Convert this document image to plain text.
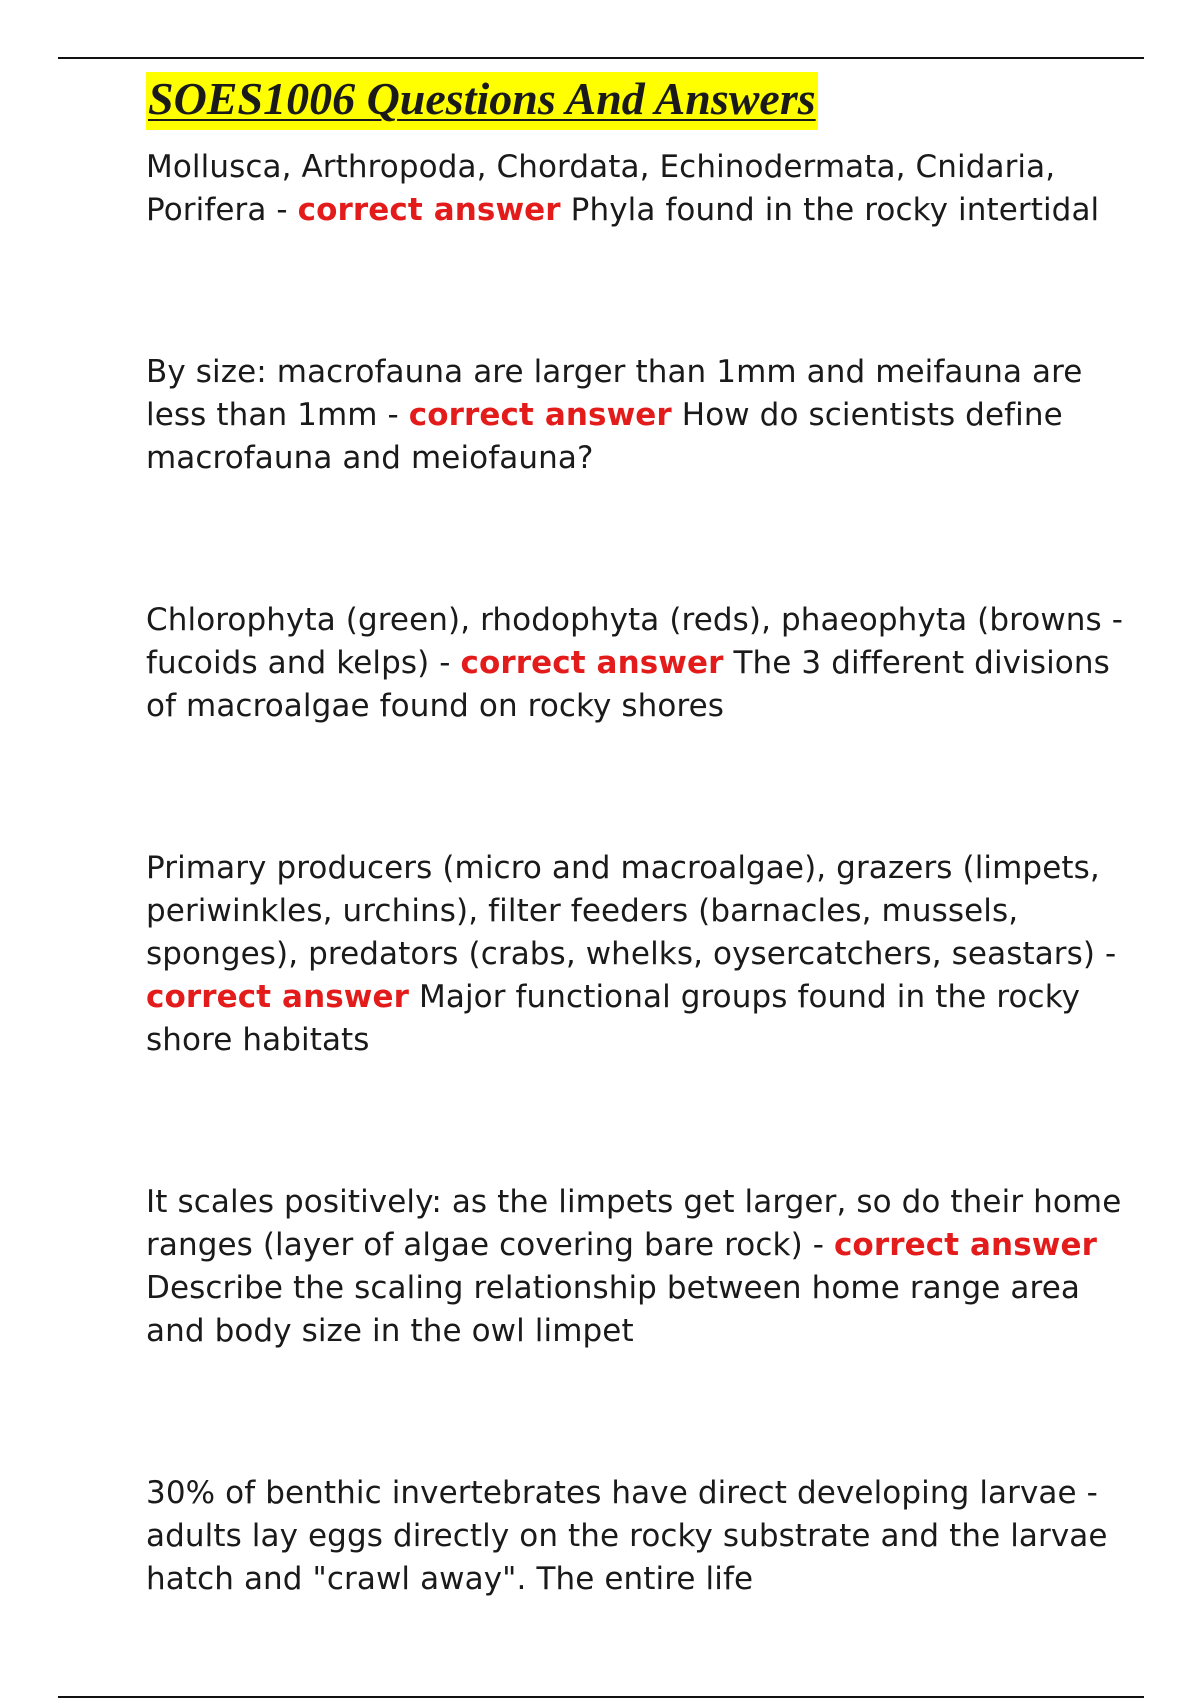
SOES1006 Questions And Answers

Mollusca, Arthropoda, Chordata, Echinodermata, Cnidaria, Porifera - correct answer Phyla found in the rocky intertidal

By size: macrofauna are larger than 1mm and meifauna are less than 1mm - correct answer How do scientists define macrofauna and meiofauna?

Chlorophyta (green), rhodophyta (reds), phaeophyta (browns - fucoids and kelps) - correct answer The 3 different divisions of macroalgae found on rocky shores

Primary producers (micro and macroalgae), grazers (limpets, periwinkles, urchins), filter feeders (barnacles, mussels, sponges), predators (crabs, whelks, oysercatchers, seastars) - correct answer Major functional groups found in the rocky shore habitats

It scales positively: as the limpets get larger, so do their home ranges (layer of algae covering bare rock) - correct answer Describe the scaling relationship between home range area and body size in the owl limpet

30% of benthic invertebrates have direct developing larvae - adults lay eggs directly on the rocky substrate and the larvae hatch and "crawl away". The entire life
